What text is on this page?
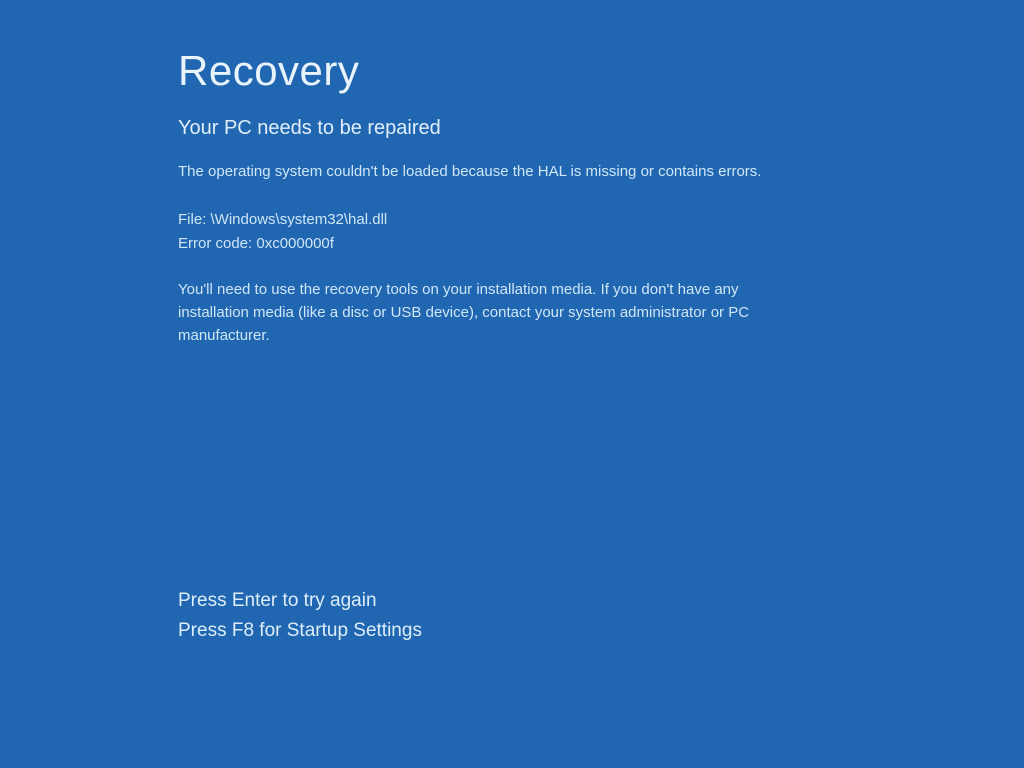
Recovery
Your PC needs to be repaired
The operating system couldn't be loaded because the HAL is missing or contains errors.
File: \Windows\system32\hal.dll
Error code: 0xc000000f
You'll need to use the recovery tools on your installation media. If you don't have any installation media (like a disc or USB device), contact your system administrator or PC manufacturer.
Press Enter to try again
Press F8 for Startup Settings
